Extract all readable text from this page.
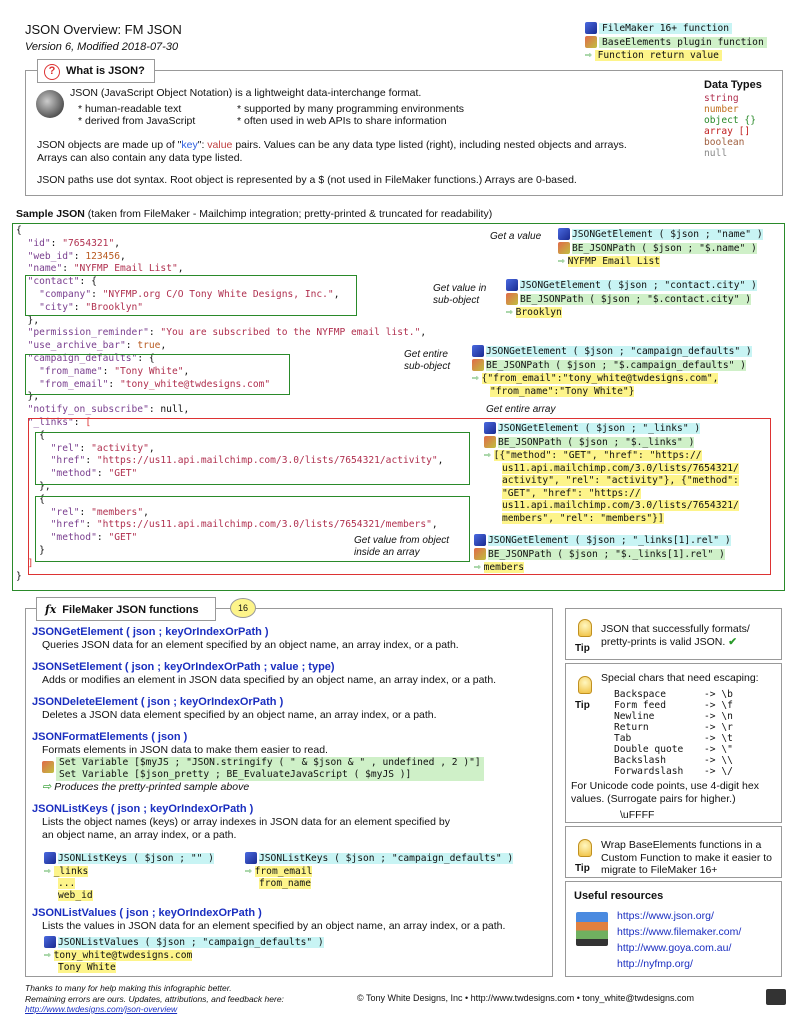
JSON Overview: FM JSON
Version 6, Modified 2018-07-30
FileMaker 16+ function
BaseElements plugin function
⇨ Function return value
? What is JSON?
JSON (JavaScript Object Notation) is a lightweight data-interchange format.
* human-readable text
* derived from JavaScript
* supported by many programming environments
* often used in web APIs to share information
JSON objects are made up of "key": value pairs. Values can be any data type listed (right), including nested objects and arrays.
Arrays can also contain any data type listed.
JSON paths use dot syntax. Root object is represented by a $ (not used in FileMaker functions.) Arrays are 0-based.
Data Types
string
number
object {}
array []
boolean
null
Sample JSON (taken from FileMaker - Mailchimp integration; pretty-printed & truncated for readability)
{
"id": "7654321",
"web_id": 123456,
"name": "NYFMP Email List",
"contact": {
"company": "NYFMP.org C/O Tony White Designs, Inc.",
"city": "Brooklyn"
},
"permission_reminder": "You are subscribed to the NYFMP email list.",
"use_archive_bar": true,
"campaign_defaults": {
"from_name": "Tony White",
"from_email": "tony_white@twdesigns.com"
},
"notify_on_subscribe": null,
"_links": [
{
"rel": "activity",
"href": "https://us11.api.mailchimp.com/3.0/lists/7654321/activity",
"method": "GET"
},
{
"rel": "members",
"href": "https://us11.api.mailchimp.com/3.0/lists/7654321/members",
"method": "GET"
}
]
}
Get a value	JSONGetElement ( $json ; "name" )
BE_JSONPath ( $json ; "$.name" )
⇨ NYFMP Email List
Get value in
sub-object
JSONGetElement ( $json ; "contact.city" )
BE_JSONPath ( $json ; "$.contact.city" )
⇨ Brooklyn
Get entire
sub-object
JSONGetElement ( $json ; "campaign_defaults" )
BE_JSONPath ( $json ; "$.campaign_defaults" )
⇨ {"from_email":"tony_white@twdesigns.com",
"from_name":"Tony White"}
Get entire array
JSONGetElement ( $json ; "_links" )
BE_JSONPath ( $json ; "$._links" )
⇨ [{"method": "GET", "href": "https://
us11.api.mailchimp.com/3.0/lists/7654321/
activity", "rel": "activity"}, {"method":
"GET", "href": "https://
us11.api.mailchimp.com/3.0/lists/7654321/
members", "rel": "members"}]
Get value from object
inside an array
JSONGetElement ( $json ; "_links[1].rel" )
BE_JSONPath ( $json ; "$._links[1].rel" )
⇨ members
fx FileMaker JSON functions	16
JSONGetElement ( json ; keyOrIndexOrPath )
Queries JSON data for an element specified by an object name, an array index, or a path.
JSONSetElement ( json ; keyOrIndexOrPath ; value ; type)
Adds or modifies an element in JSON data specified by an object name, an array index, or a path.
JSONDeleteElement ( json ; keyOrIndexOrPath )
Deletes a JSON data element specified by an object name, an array index, or a path.
JSONFormatElements ( json )
Formats elements in JSON data to make them easier to read.
Set Variable [$myJS ; "JSON.stringify ( " & $json & " , undefined , 2 )"]
Set Variable [$json_pretty ; BE_EvaluateJavaScript ( $myJS )]
⇨ Produces the pretty-printed sample above
JSONListKeys ( json ; keyOrIndexOrPath )
Lists the object names (keys) or array indexes in JSON data for an element specified by
an object name, an array index, or a path.
JSONListKeys ( $json ; "" )
⇨ _links
...
web_id
JSONListKeys ( $json ; "campaign_defaults" )
⇨ from_email
from_name
JSONListValues ( json ; keyOrIndexOrPath )
Lists the values in JSON data for an element specified by an object name, an array index, or a path.
JSONListValues ( $json ; "campaign_defaults" )
⇨ tony_white@twdesigns.com
Tony White
Tip
JSON that successfully formats/ pretty-prints is valid JSON. ✔
Tip
Special chars that need escaping:
Backspace	-> \b
Form feed	-> \f
Newline	-> \n
Return	-> \r
Tab	-> \t
Double quote -> \"
Backslash	-> \\
Forwardslash -> \/
For Unicode code points, use 4-digit hex values. (Surrogate pairs for higher.)
\uFFFF
Tip
Wrap BaseElements functions in a Custom Function to make it easier to migrate to FileMaker 16+
Useful resources
https://www.json.org/
https://www.filemaker.com/
http://www.goya.com.au/
http://nyfmp.org/
Thanks to many for help making this infographic better.
Remaining errors are ours. Updates, attributions, and feedback here:
http://www.twdesigns.com/json-overview
© Tony White Designs, Inc • http://www.twdesigns.com • tony_white@twdesigns.com
